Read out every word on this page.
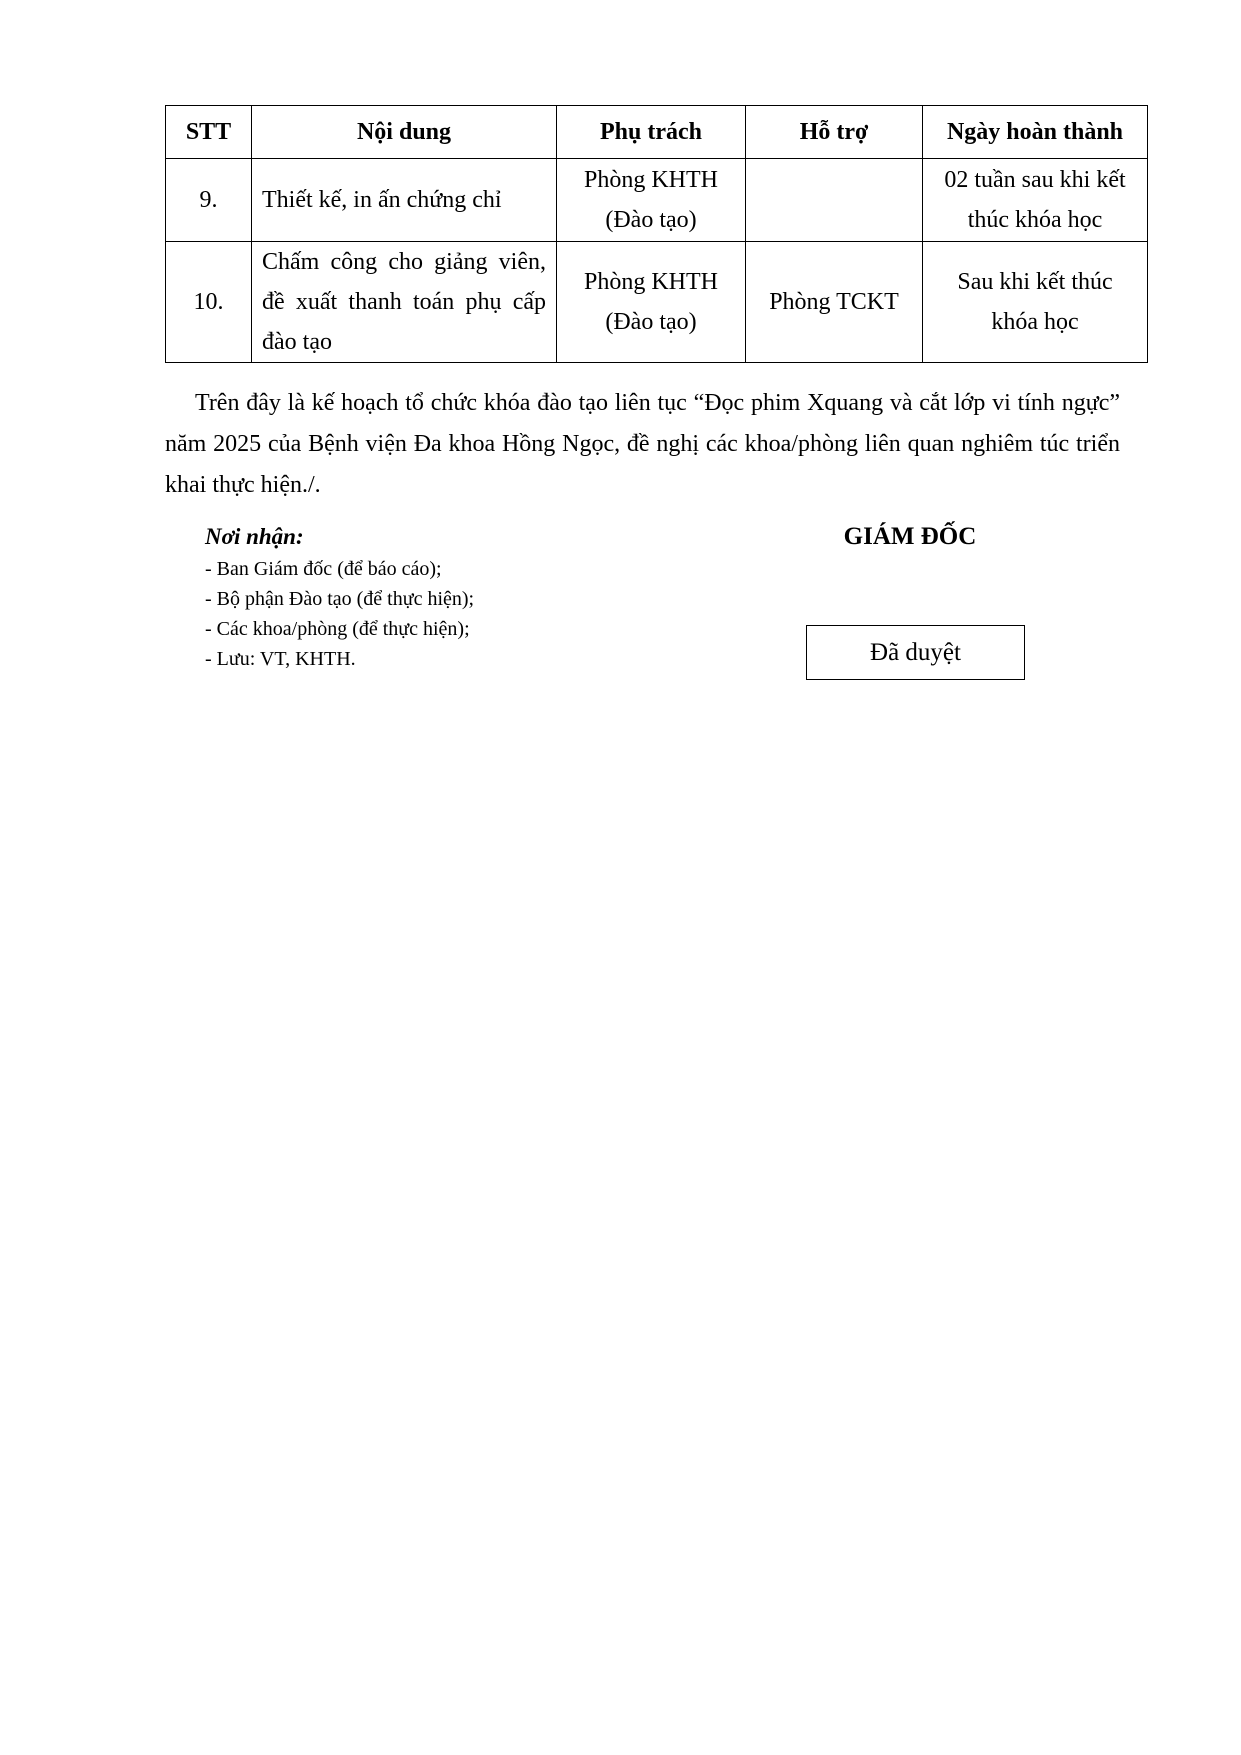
STT	Nội dung	Phụ trách	Hỗ trợ	Ngày hoàn thành
9.	Thiết kế, in ấn chứng chỉ	Phòng KHTH (Đào tạo)		02 tuần sau khi kết thúc khóa học
10.	Chấm công cho giảng viên, đề xuất thanh toán phụ cấp đào tạo	Phòng KHTH (Đào tạo)	Phòng TCKT	Sau khi kết thúc khóa học

Trên đây là kế hoạch tổ chức khóa đào tạo liên tục “Đọc phim Xquang và cắt lớp vi tính ngực” năm 2025 của Bệnh viện Đa khoa Hồng Ngọc, đề nghị các khoa/phòng liên quan nghiêm túc triển khai thực hiện./.

Nơi nhận:
- Ban Giám đốc (để báo cáo);
- Bộ phận Đào tạo (để thực hiện);
- Các khoa/phòng (để thực hiện);
- Lưu: VT, KHTH.
GIÁM ĐỐC
Đã duyệt
